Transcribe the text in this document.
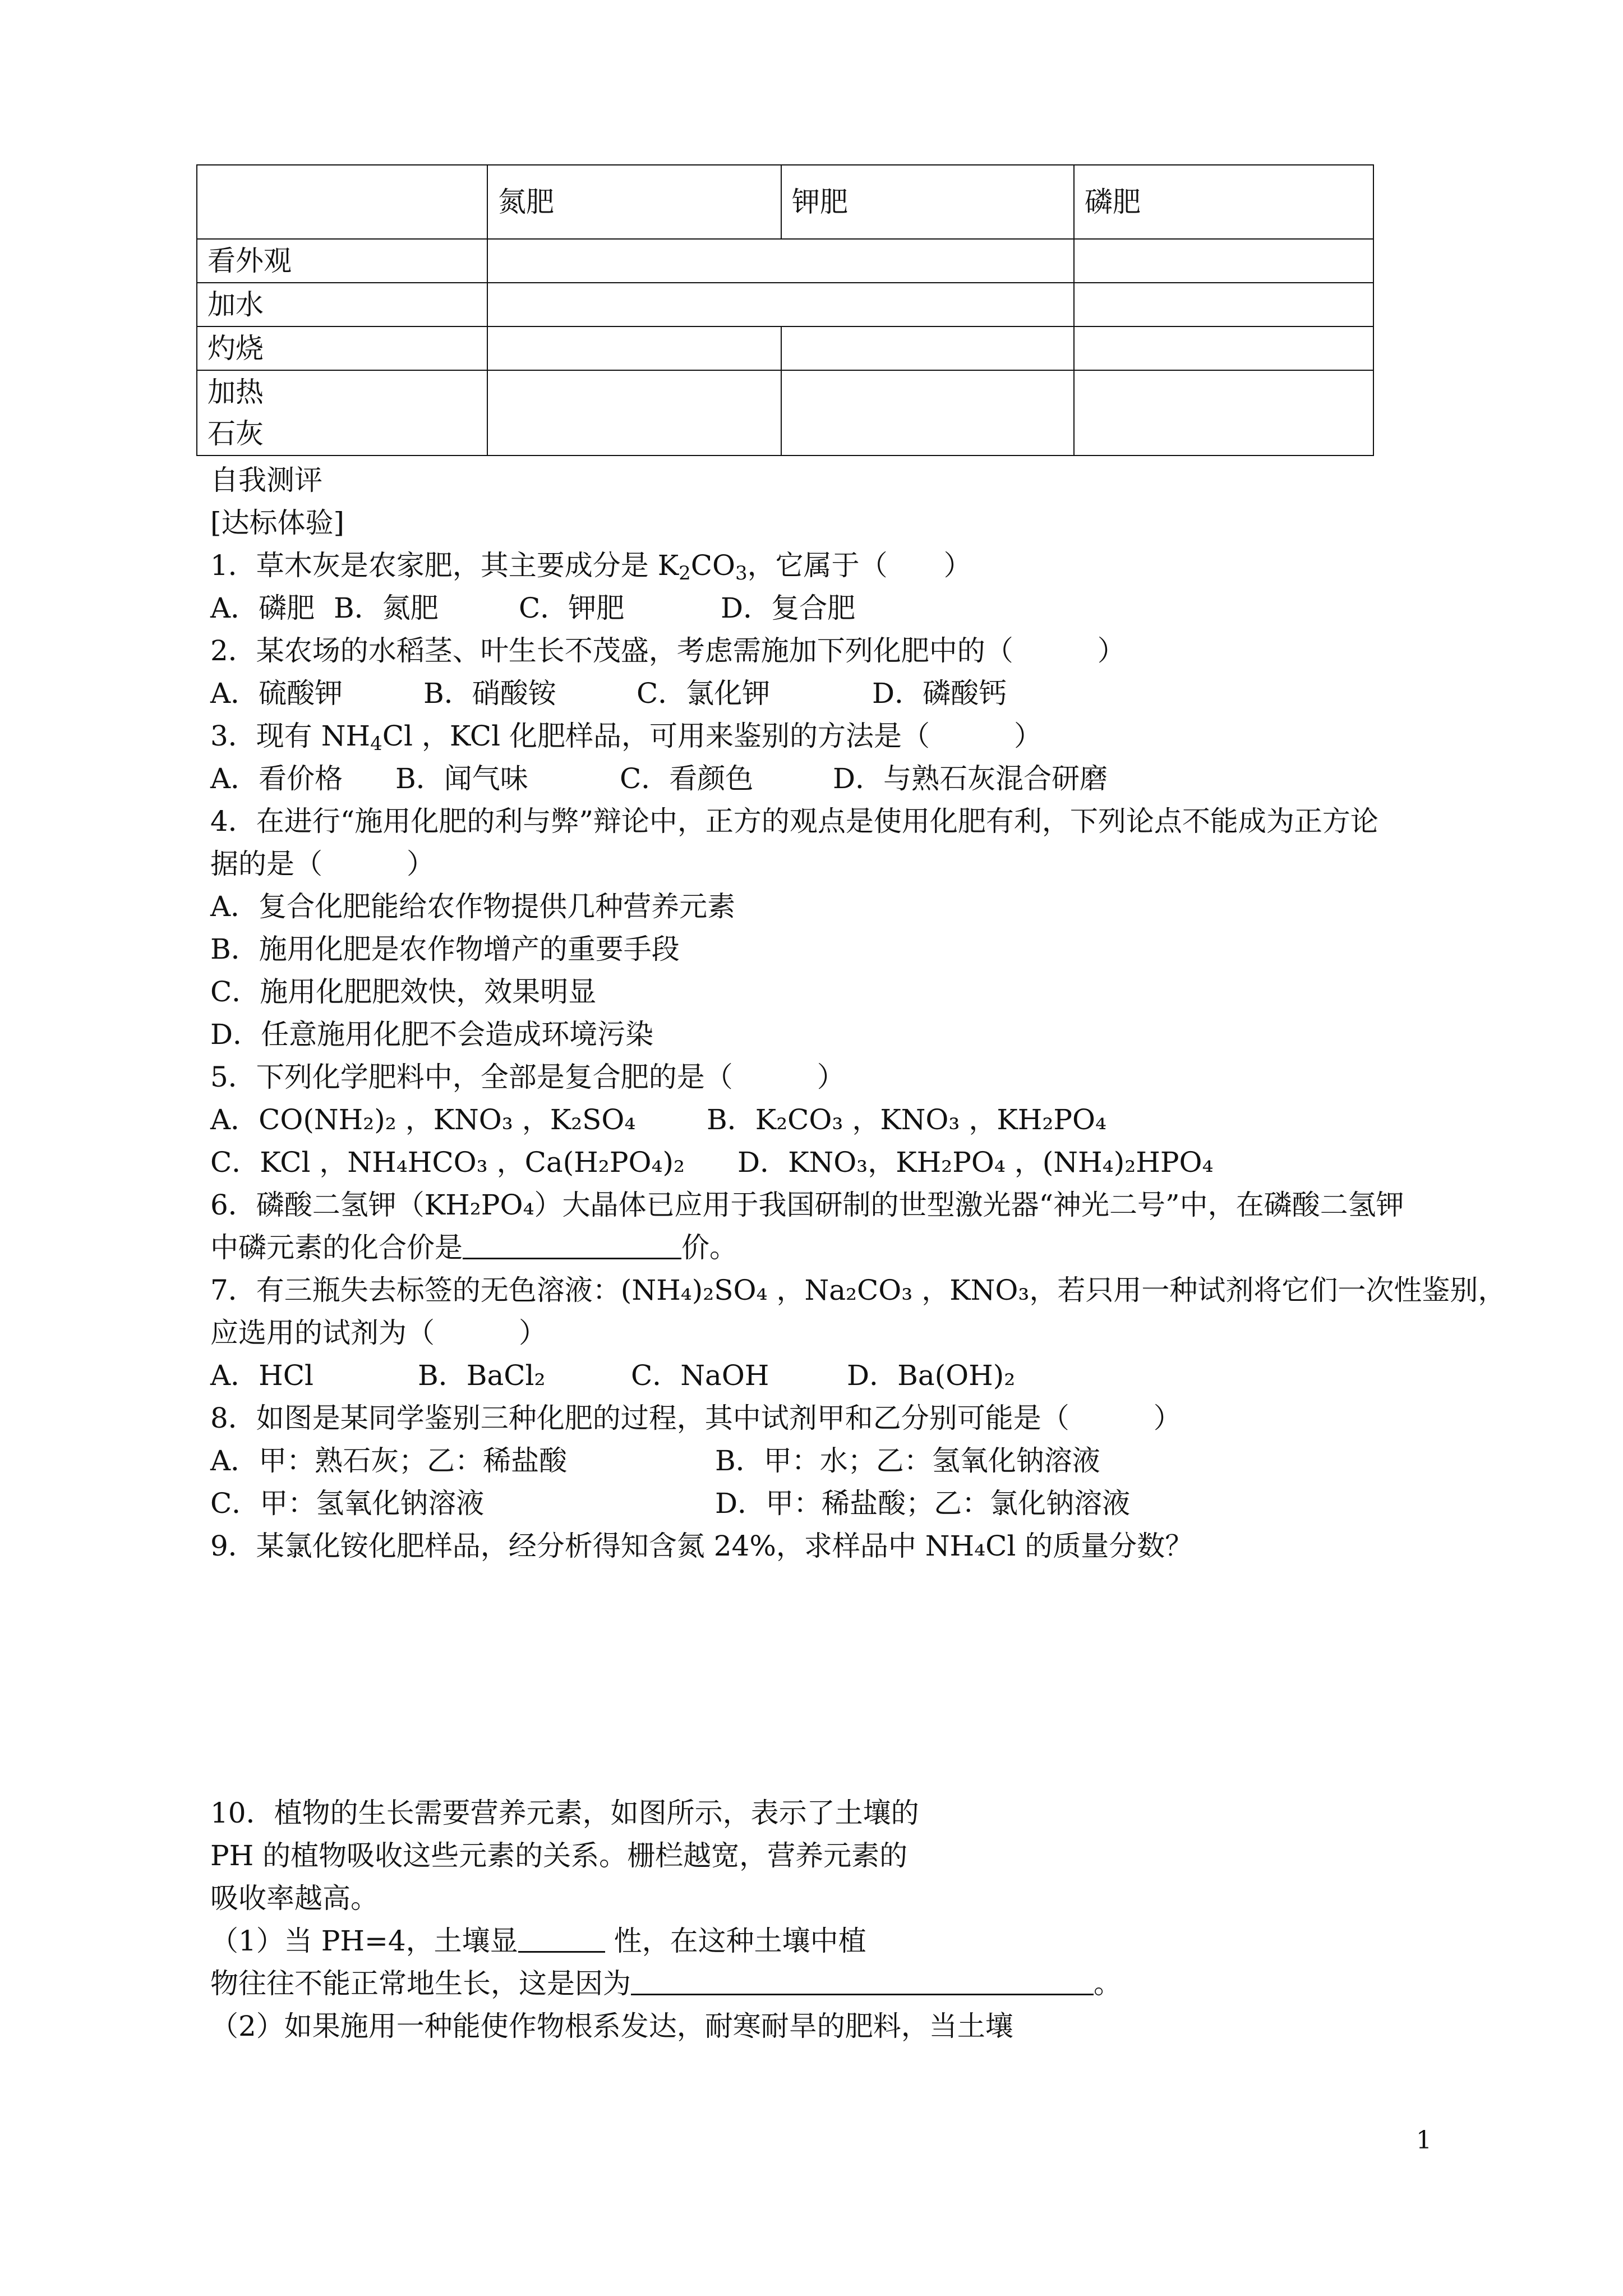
	氮肥	钾肥	磷肥
看外观			
加水			
灼烧			

加热
石灰			

自我测评
[达标体验]
1．草木灰是农家肥，其主要成分是 $K_2CO_3$，它属于（　　）
A．磷肥 B．氮肥	C．钾肥	D．复合肥
2．某农场的水稻茎、叶生长不茂盛，考虑需施加下列化肥中的（　　　）
A．硫酸钾	B．硝酸铵	C．氯化钾	D．磷酸钙
3．现有 $NH_4Cl$ ，KCl 化肥样品，可用来鉴别的方法是（　　　）
A．看价格	B．闻气味	C．看颜色	D．与熟石灰混合研磨
4．在进行“施用化肥的利与弊”辩论中，正方的观点是使用化肥有利，下列论点不能成为正方论
据的是（　　　）
A．复合化肥能给农作物提供几种营养元素
B．施用化肥是农作物增产的重要手段
C．施用化肥肥效快，效果明显
D．任意施用化肥不会造成环境污染
5．下列化学肥料中，全部是复合肥的是（　　　）
A．CO(NH₂)₂ ，KNO₃ ，K₂SO₄	B．K₂CO₃ ，KNO₃ ，KH₂PO₄
C．KCl ，NH₄HCO₃ ，Ca(H₂PO₄)₂	D．KNO₃，KH₂PO₄ ，(NH₄)₂HPO₄
6．磷酸二氢钾（KH₂PO₄）大晶体已应用于我国研制的世型激光器“神光二号”中，在磷酸二氢钾
中磷元素的化合价是	价。
7．有三瓶失去标签的无色溶液：(NH₄)₂SO₄ ，Na₂CO₃ ，KNO₃，若只用一种试剂将它们一次性鉴别，
应选用的试剂为（　　　）
A．HCl	B．BaCl₂	C．NaOH	D．Ba(OH)₂
8．如图是某同学鉴别三种化肥的过程，其中试剂甲和乙分别可能是（　　　）
A．甲：熟石灰；乙：稀盐酸	B．甲：水；乙：氢氧化钠溶液
C．甲：氢氧化钠溶液	D．甲：稀盐酸；乙：氯化钠溶液
9．某氯化铵化肥样品，经分析得知含氮 24%，求样品中 NH₄Cl 的质量分数？
10．植物的生长需要营养元素，如图所示，表示了土壤的
PH 的植物吸收这些元素的关系。栅栏越宽，营养元素的
吸收率越高。
（1）当 PH=4，土壤显	性，在这种土壤中植
物往往不能正常地生长，这是因为	。
（2）如果施用一种能使作物根系发达，耐寒耐旱的肥料，当土壤
1
